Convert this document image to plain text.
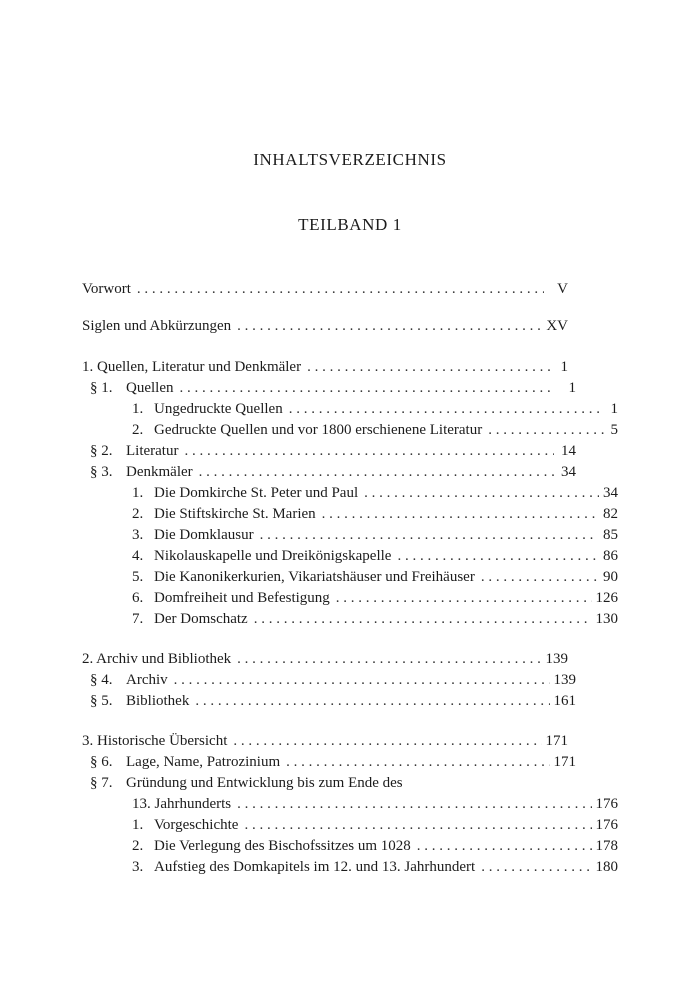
INHALTSVERZEICHNIS
TEILBAND 1
Vorwort . . .	V
Siglen und Abkürzungen . . .	XV
1. Quellen, Literatur und Denkmäler . . .	1
§ 1. Quellen . . .	1
1. Ungedruckte Quellen . . .	1
2. Gedruckte Quellen und vor 1800 erschienene Literatur . . .	5
§ 2. Literatur . . .	14
§ 3. Denkmäler . . .	34
1. Die Domkirche St. Peter und Paul . . .	34
2. Die Stiftskirche St. Marien . . .	82
3. Die Domklausur . . .	85
4. Nikolauskapelle und Dreikönigskapelle . . .	86
5. Die Kanonikerkurien, Vikariatshäuser und Freihäuser . . .	90
6. Domfreiheit und Befestigung . . .	126
7. Der Domschatz . . .	130
2. Archiv und Bibliothek . . .	139
§ 4. Archiv . . .	139
§ 5. Bibliothek . . .	161
3. Historische Übersicht . . .	171
§ 6. Lage, Name, Patrozinium . . .	171
§ 7. Gründung und Entwicklung bis zum Ende des
13. Jahrhunderts . . .	176
1. Vorgeschichte . . .	176
2. Die Verlegung des Bischofssitzes um 1028 . . .	178
3. Aufstieg des Domkapitels im 12. und 13. Jahrhundert . . .	180
